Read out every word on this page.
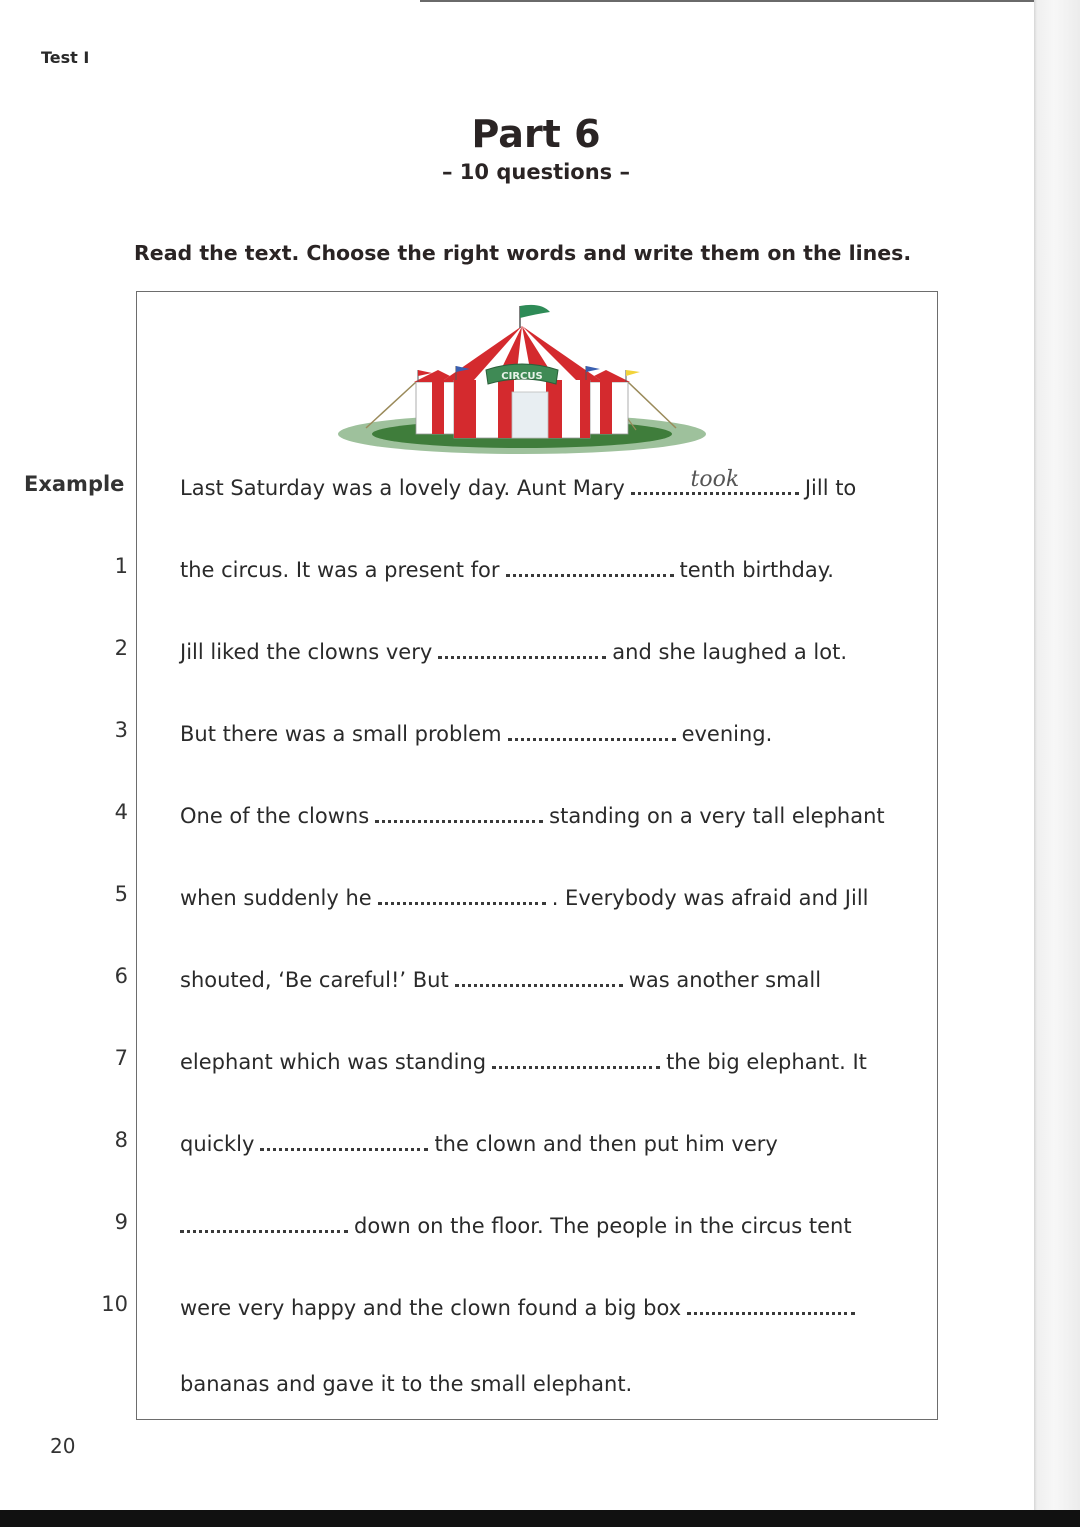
Test I
Part 6
– 10 questions –
Read the text. Choose the right words and write them on the lines.
CIRCUS
Example	Last Saturday was a lovely day. Aunt Mary	took	Jill to
1 the circus. It was a present for	tenth birthday.
2 Jill liked the clowns very	and she laughed a lot.
3 But there was a small problem	evening.
4 One of the clowns	standing on a very tall elephant
5 when suddenly he	. Everybody was afraid and Jill
6 shouted, ‘Be careful!’ But	was another small
7 elephant which was standing	the big elephant. It
8 quickly	the clown and then put him very
9	down on the floor. The people in the circus tent
10 were very happy and the clown found a big box
bananas and gave it to the small elephant.
20
